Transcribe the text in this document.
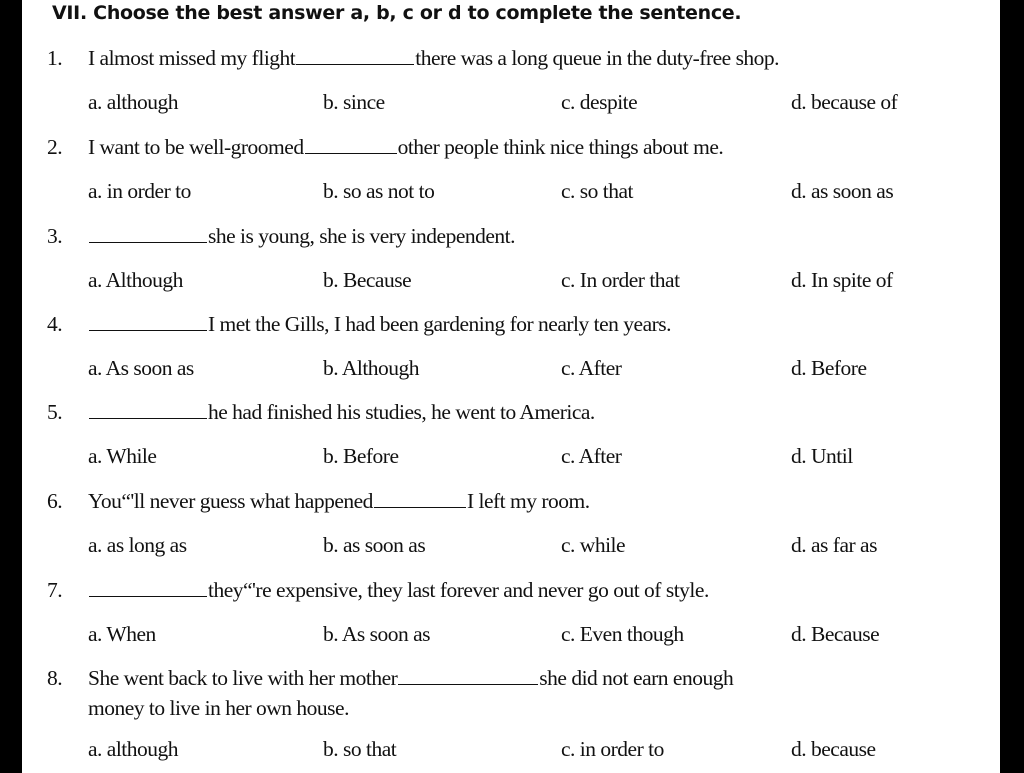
VII. Choose the best answer a, b, c or d to complete the sentence.
1. I almost missed my flight	there was a long queue in the duty-free shop.
a. although	b. since	c. despite	d. because of
2. I want to be well-groomed	other people think nice things about me.
a. in order to	b. so as not to	c. so that	d. as soon as
3.	she is young, she is very independent.
a. Although	b. Because	c. In order that	d. In spite of
4.	I met the Gills, I had been gardening for nearly ten years.
a. As soon as	b. Although	c. After	d. Before
5.	he had finished his studies, he went to America.
a. While	b. Before	c. After	d. Until
6. You“'ll never guess what happened	I left my room.
a. as long as	b. as soon as	c. while	d. as far as
7.	they“'re expensive, they last forever and never go out of style.
a. When	b. As soon as	c. Even though	d. Because
8. She went back to live with her mother	she did not earn enough
money to live in her own house.
a. although	b. so that	c. in order to	d. because
